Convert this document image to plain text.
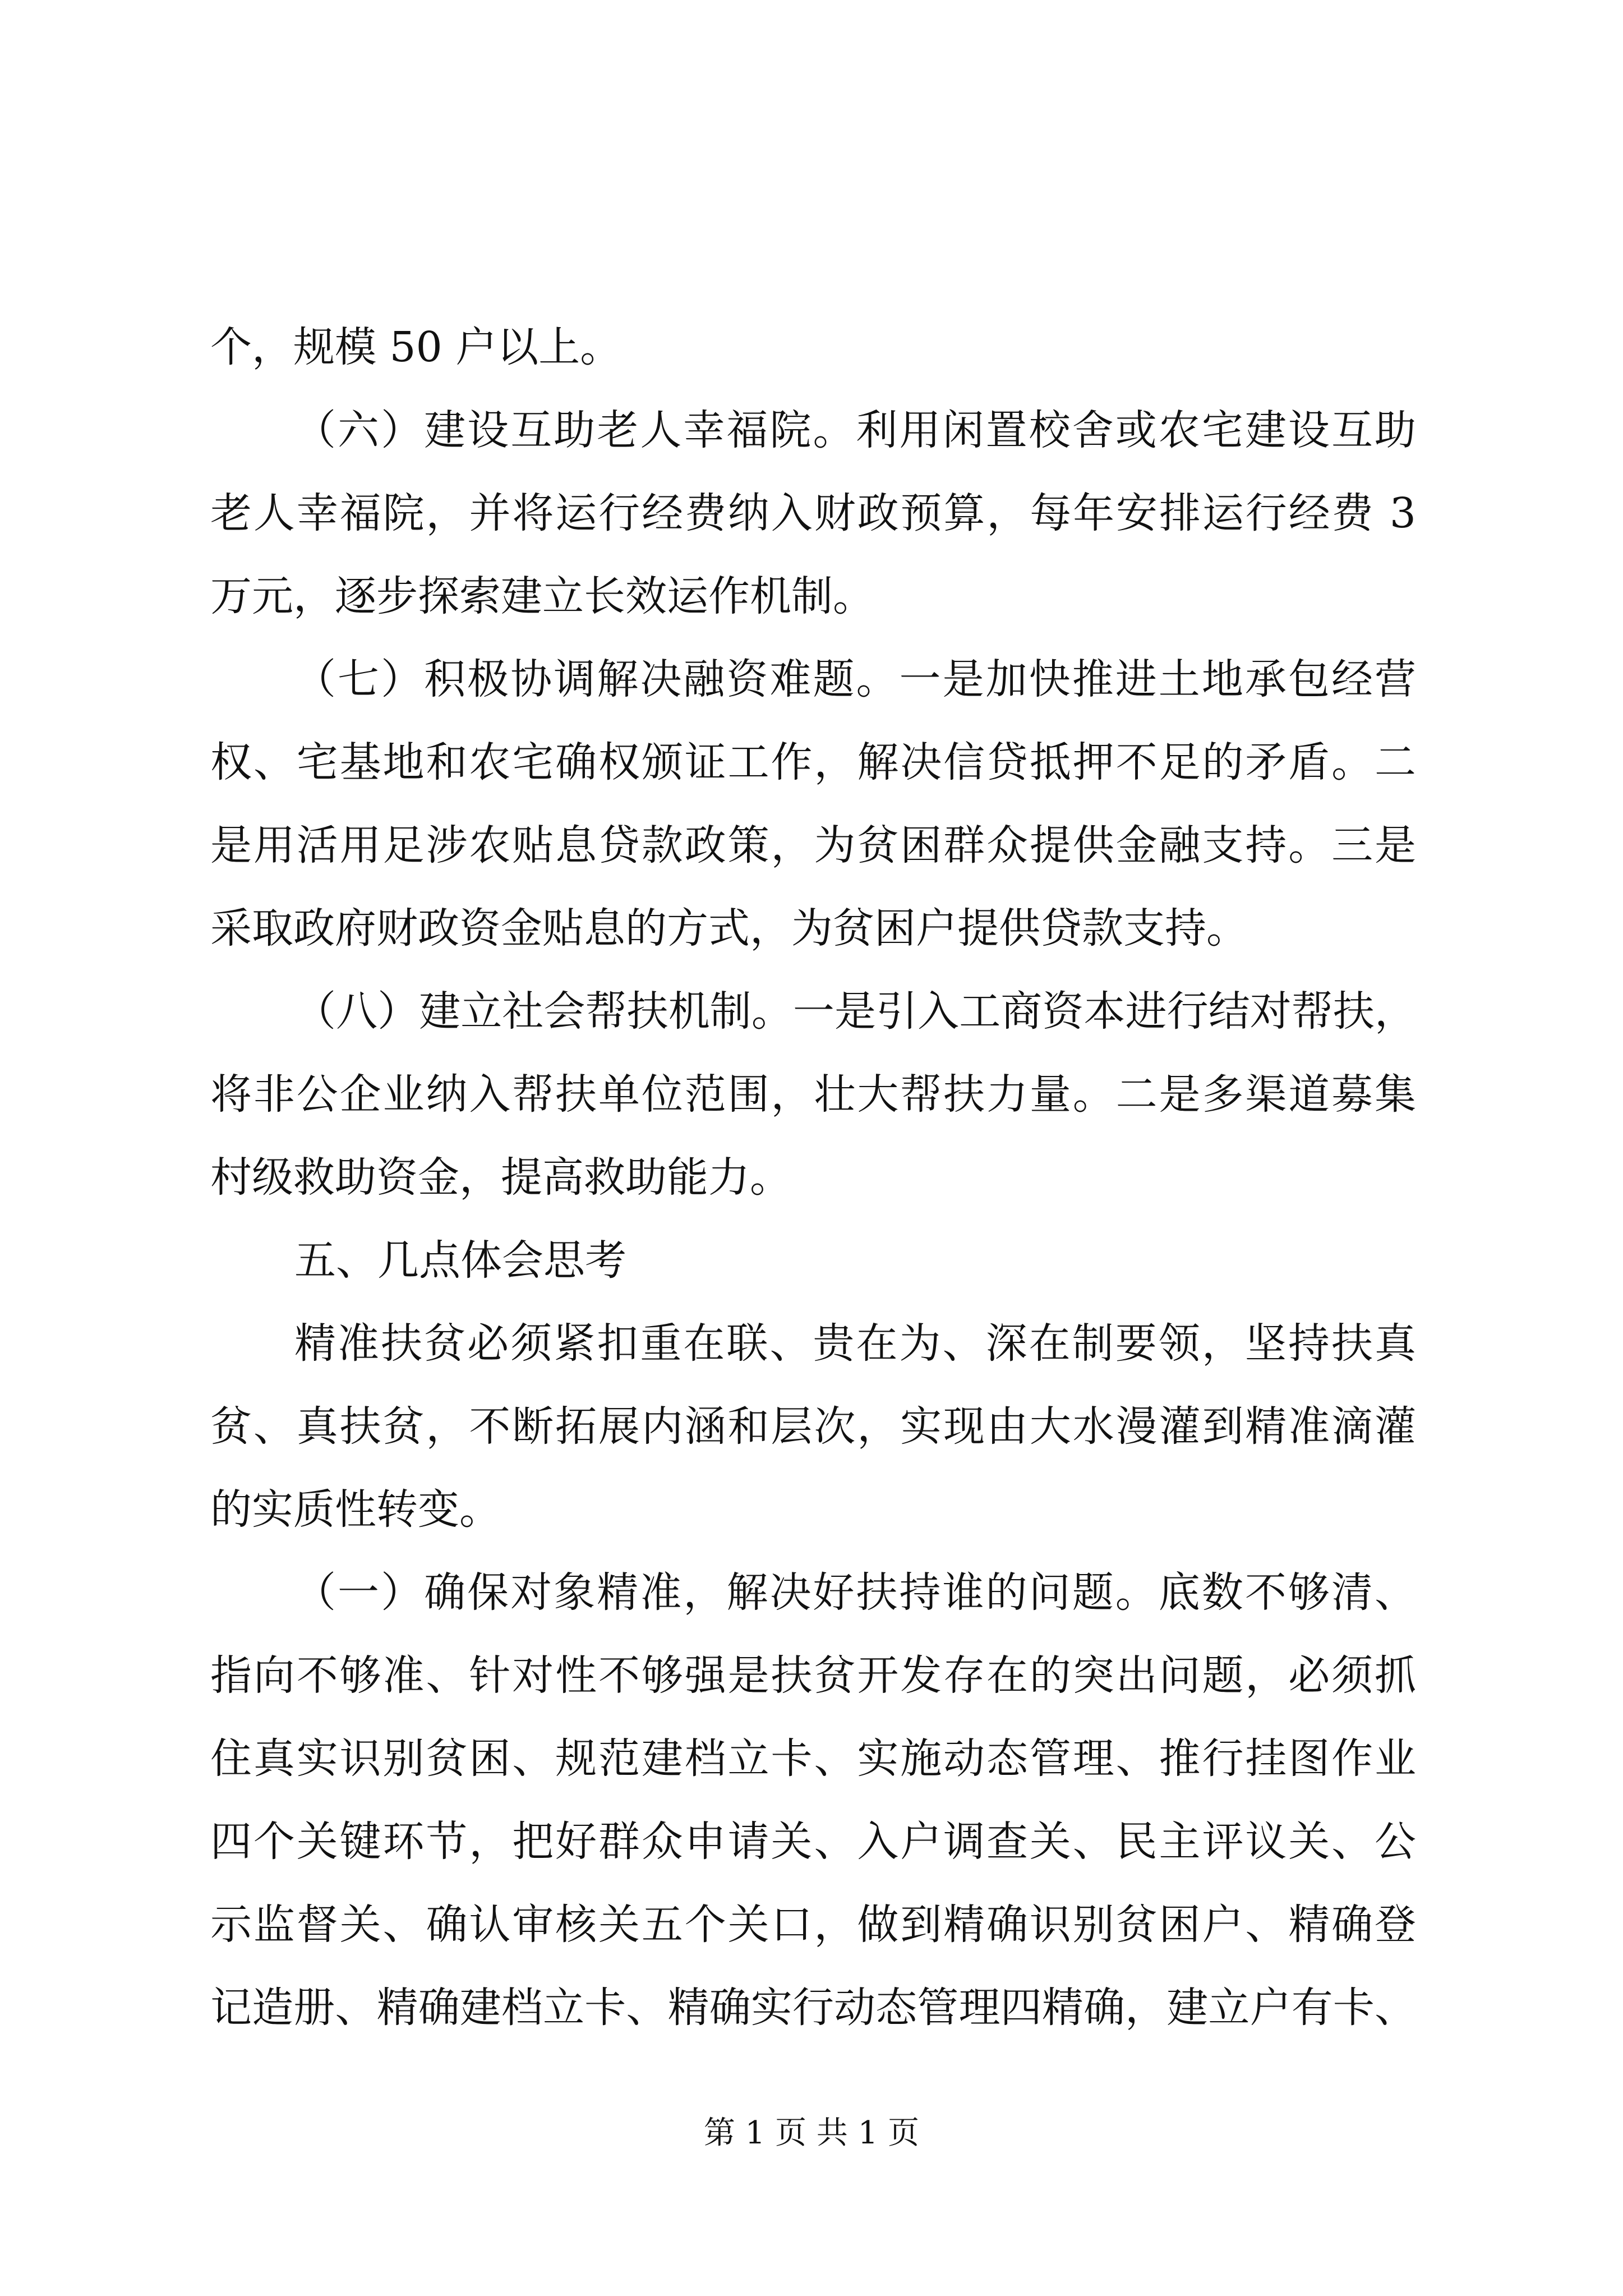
个，规模 50 户以上。
（六）建设互助老人幸福院。利用闲置校舍或农宅建设互助
老人幸福院，并将运行经费纳入财政预算，每年安排运行经费 3
万元，逐步探索建立长效运作机制。
（七）积极协调解决融资难题。一是加快推进土地承包经营
权、宅基地和农宅确权颁证工作，解决信贷抵押不足的矛盾。二
是用活用足涉农贴息贷款政策，为贫困群众提供金融支持。三是
采取政府财政资金贴息的方式，为贫困户提供贷款支持。
（八）建立社会帮扶机制。一是引入工商资本进行结对帮扶，
将非公企业纳入帮扶单位范围，壮大帮扶力量。二是多渠道募集
村级救助资金，提高救助能力。
五、几点体会思考
精准扶贫必须紧扣重在联、贵在为、深在制要领，坚持扶真
贫、真扶贫，不断拓展内涵和层次，实现由大水漫灌到精准滴灌
的实质性转变。
（一）确保对象精准，解决好扶持谁的问题。底数不够清、
指向不够准、针对性不够强是扶贫开发存在的突出问题，必须抓
住真实识别贫困、规范建档立卡、实施动态管理、推行挂图作业
四个关键环节，把好群众申请关、入户调查关、民主评议关、公
示监督关、确认审核关五个关口，做到精确识别贫困户、精确登
记造册、精确建档立卡、精确实行动态管理四精确，建立户有卡、
第 1 页 共 1 页
